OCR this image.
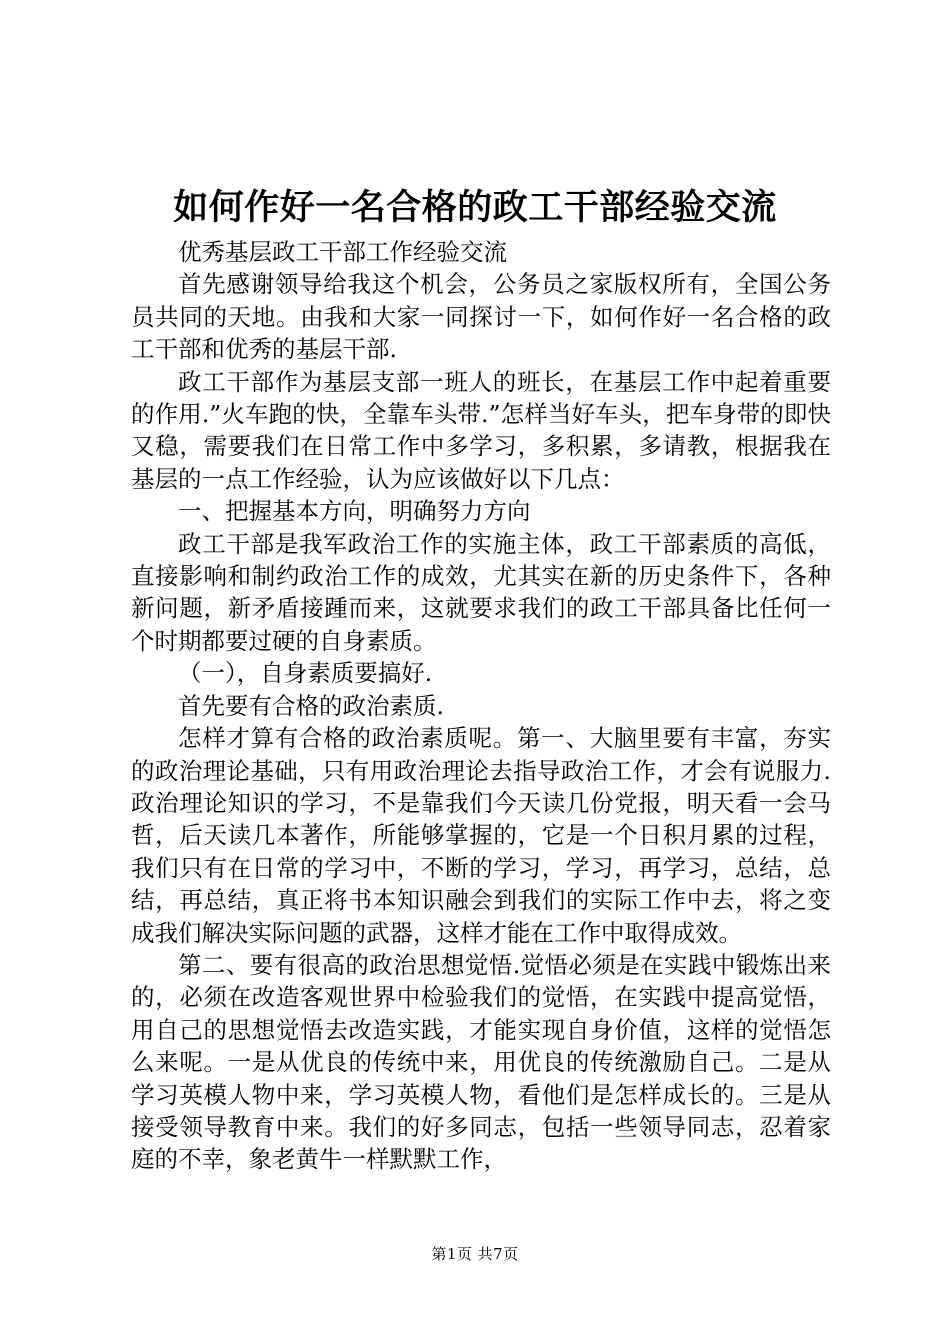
如何作好一名合格的政工干部经验交流

优秀基层政工干部工作经验交流

首先感谢领导给我这个机会，公务员之家版权所有，全国公务员共同的天地。由我和大家一同探讨一下，如何作好一名合格的政工干部和优秀的基层干部.

政工干部作为基层支部一班人的班长，在基层工作中起着重要的作用.”火车跑的快，全靠车头带.”怎样当好车头，把车身带的即快又稳，需要我们在日常工作中多学习，多积累，多请教，根据我在基层的一点工作经验，认为应该做好以下几点：

一、把握基本方向，明确努力方向

政工干部是我军政治工作的实施主体，政工干部素质的高低，直接影响和制约政治工作的成效，尤其实在新的历史条件下，各种新问题，新矛盾接踵而来，这就要求我们的政工干部具备比任何一个时期都要过硬的自身素质。

（一），自身素质要搞好.

首先要有合格的政治素质.

怎样才算有合格的政治素质呢。第一、大脑里要有丰富，夯实的政治理论基础，只有用政治理论去指导政治工作，才会有说服力.政治理论知识的学习，不是靠我们今天读几份党报，明天看一会马哲，后天读几本著作，所能够掌握的，它是一个日积月累的过程，我们只有在日常的学习中，不断的学习，学习，再学习，总结，总结，再总结，真正将书本知识融会到我们的实际工作中去，将之变成我们解决实际问题的武器，这样才能在工作中取得成效。

第二、要有很高的政治思想觉悟.觉悟必须是在实践中锻炼出来的，必须在改造客观世界中检验我们的觉悟，在实践中提高觉悟，用自己的思想觉悟去改造实践，才能实现自身价值，这样的觉悟怎么来呢。一是从优良的传统中来，用优良的传统激励自己。二是从学习英模人物中来，学习英模人物，看他们是怎样成长的。三是从接受领导教育中来。我们的好多同志，包括一些领导同志，忍着家庭的不幸，象老黄牛一样默默工作，

第1页 共7页
